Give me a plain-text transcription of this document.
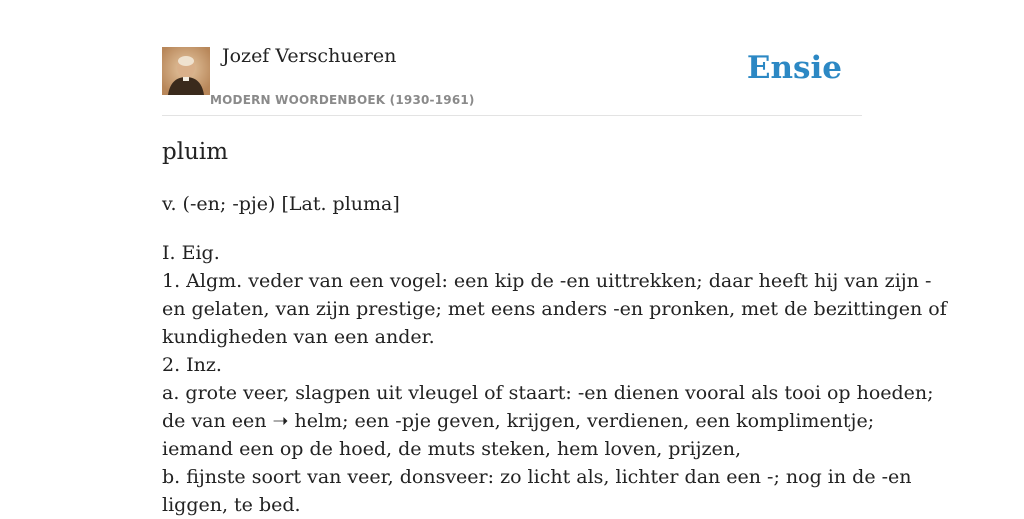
Jozef Verschueren
MODERN WOORDENBOEK (1930-1961)
Ensie
pluim
v. (-en; -pje) [Lat. pluma]
I. Eig.
1. Algm. veder van een vogel: een kip de -en uittrekken; daar heeft hij van zijn -
en gelaten, van zijn prestige; met eens anders -en pronken, met de bezittingen of
kundigheden van een ander.
2. Inz.
a. grote veer, slagpen uit vleugel of staart: -en dienen vooral als tooi op hoeden;
de van een ➝ helm; een -pje geven, krijgen, verdienen, een komplimentje;
iemand een op de hoed, de muts steken, hem loven, prijzen,
b. fijnste soort van veer, donsveer: zo licht als, lichter dan een -; nog in de -en
liggen, te bed.
